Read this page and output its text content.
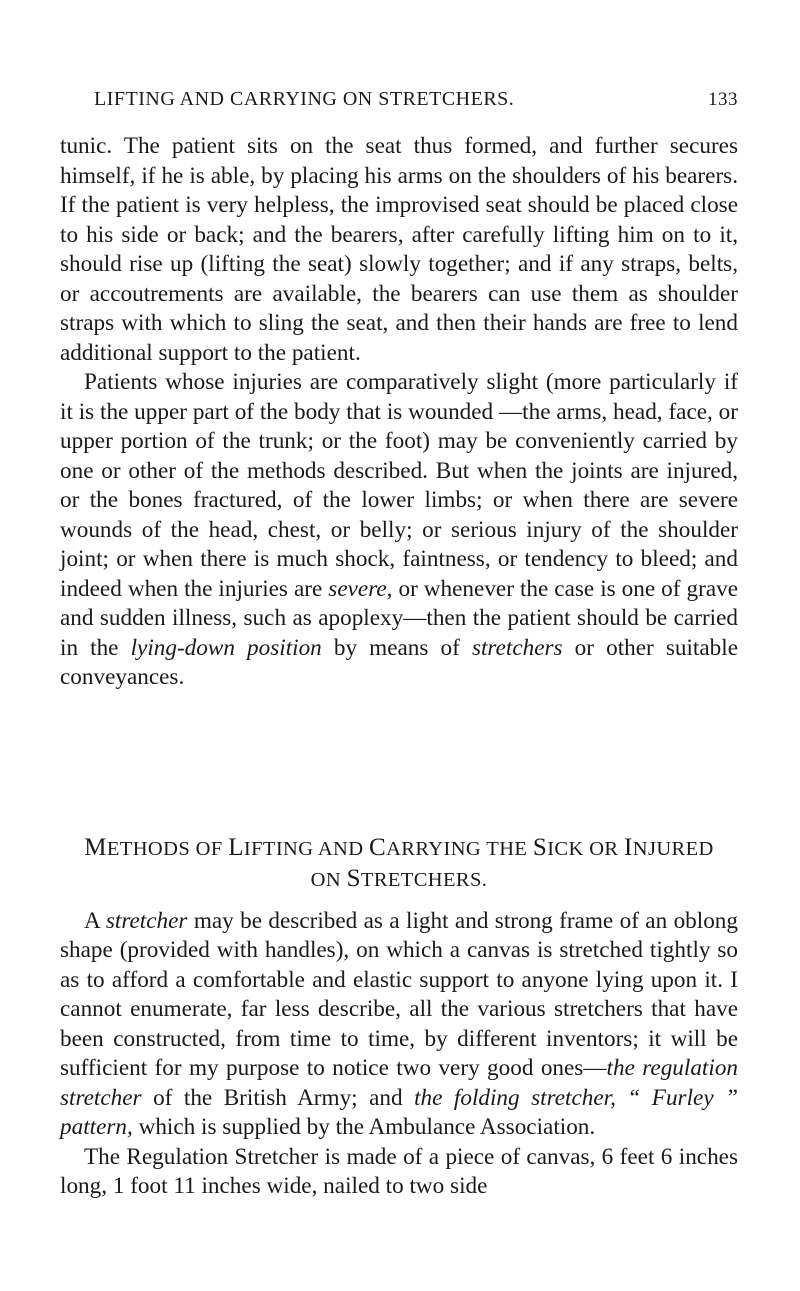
LIFTING AND CARRYING ON STRETCHERS.	133

tunic. The patient sits on the seat thus formed, and further secures himself, if he is able, by placing his arms on the shoulders of his bearers. If the patient is very helpless, the improvised seat should be placed close to his side or back; and the bearers, after carefully lifting him on to it, should rise up (lifting the seat) slowly together; and if any straps, belts, or accoutrements are available, the bearers can use them as shoulder straps with which to sling the seat, and then their hands are free to lend additional support to the patient.

Patients whose injuries are comparatively slight (more particularly if it is the upper part of the body that is wounded —the arms, head, face, or upper portion of the trunk; or the foot) may be conveniently carried by one or other of the methods described. But when the joints are injured, or the bones fractured, of the lower limbs; or when there are severe wounds of the head, chest, or belly; or serious injury of the shoulder joint; or when there is much shock, faintness, or tendency to bleed; and indeed when the injuries are severe, or whenever the case is one of grave and sudden illness, such as apoplexy—then the patient should be carried in the lying-down position by means of stretchers or other suitable conveyances.

METHODS OF LIFTING AND CARRYING THE SICK OR INJURED
ON STRETCHERS.

A stretcher may be described as a light and strong frame of an oblong shape (provided with handles), on which a canvas is stretched tightly so as to afford a comfortable and elastic support to anyone lying upon it. I cannot enumerate, far less describe, all the various stretchers that have been constructed, from time to time, by different inventors; it will be sufficient for my purpose to notice two very good ones—the regulation stretcher of the British Army; and the folding stretcher, “ Furley ” pattern, which is supplied by the Ambulance Association.

The Regulation Stretcher is made of a piece of canvas, 6 feet 6 inches long, 1 foot 11 inches wide, nailed to two side
